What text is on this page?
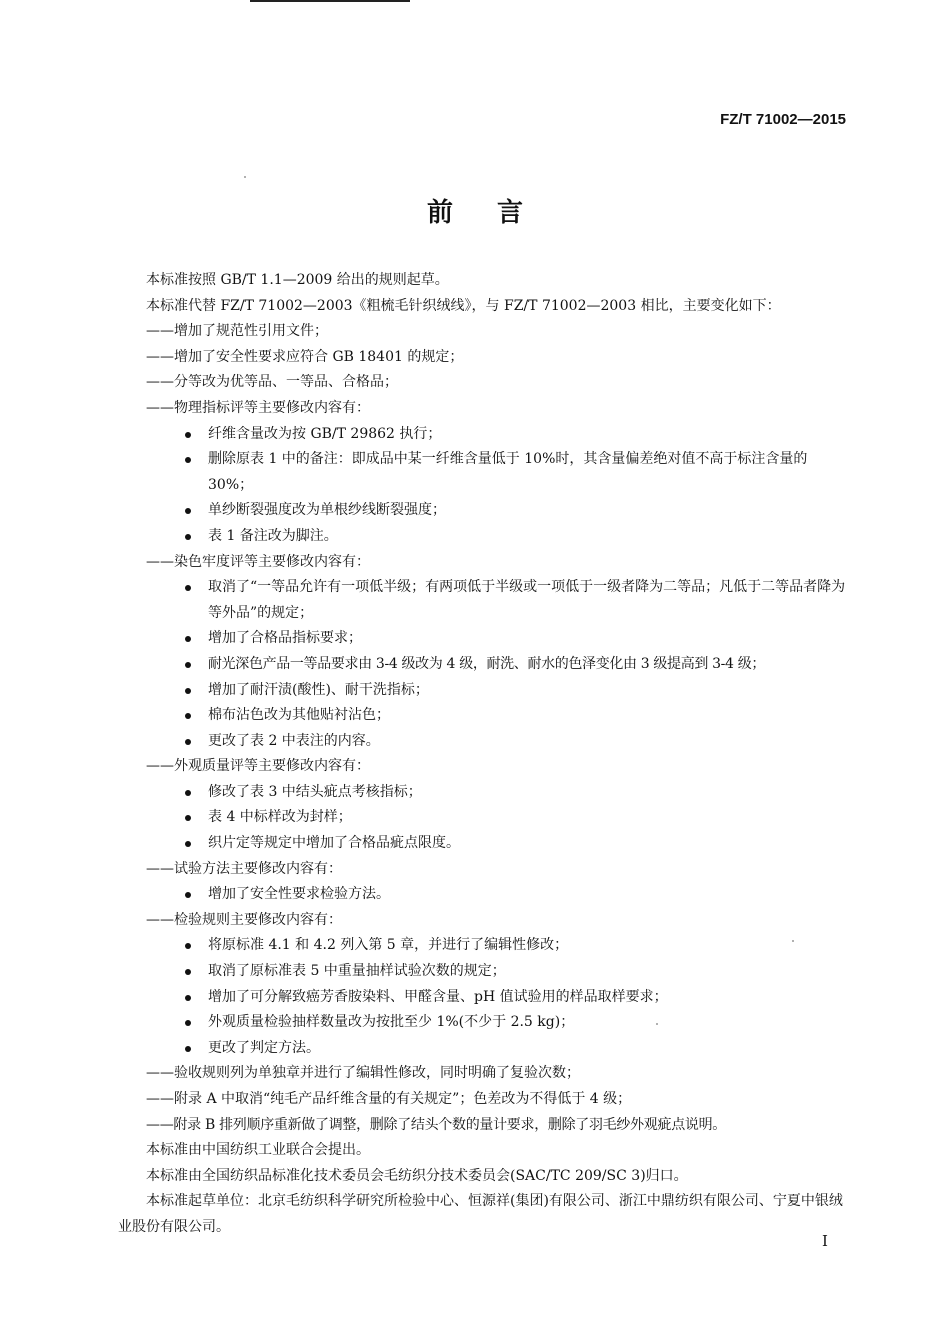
FZ/T 71002—2015
前言
本标准按照 GB/T 1.1—2009 给出的规则起草。
本标准代替 FZ/T 71002—2003《粗梳毛针织绒线》，与 FZ/T 71002—2003 相比，主要变化如下：
—— 增加了规范性引用文件；
—— 增加了安全性要求应符合 GB 18401 的规定；
—— 分等改为优等品、一等品、合格品；
—— 物理指标评等主要修改内容有：
纤维含量改为按 GB/T 29862 执行；
删除原表 1 中的备注：即成品中某一纤维含量低于 10%时，其含量偏差绝对值不高于标注含量的 30%；
单纱断裂强度改为单根纱线断裂强度；
表 1 备注改为脚注。
—— 染色牢度评等主要修改内容有：
取消了“一等品允许有一项低半级；有两项低于半级或一项低于一级者降为二等品；凡低于二等品者降为等外品”的规定；
增加了合格品指标要求；
耐光深色产品一等品要求由 3-4 级改为 4 级，耐洗、耐水的色泽变化由 3 级提高到 3-4 级；
增加了耐汗渍(酸性)、耐干洗指标；
棉布沾色改为其他贴衬沾色；
更改了表 2 中表注的内容。
—— 外观质量评等主要修改内容有：
修改了表 3 中结头疵点考核指标；
表 4 中标样改为封样；
织片定等规定中增加了合格品疵点限度。
—— 试验方法主要修改内容有：
增加了安全性要求检验方法。
—— 检验规则主要修改内容有：
将原标准 4.1 和 4.2 列入第 5 章，并进行了编辑性修改；
取消了原标准表 5 中重量抽样试验次数的规定；
增加了可分解致癌芳香胺染料、甲醛含量、pH 值试验用的样品取样要求；
外观质量检验抽样数量改为按批至少 1%(不少于 2.5 kg)；
更改了判定方法。
—— 验收规则列为单独章并进行了编辑性修改，同时明确了复验次数；
—— 附录 A 中取消“纯毛产品纤维含量的有关规定”；色差改为不得低于 4 级；
—— 附录 B 排列顺序重新做了调整，删除了结头个数的量计要求，删除了羽毛纱外观疵点说明。
本标准由中国纺织工业联合会提出。
本标准由全国纺织品标准化技术委员会毛纺织分技术委员会(SAC/TC 209/SC 3)归口。
本标准起草单位：北京毛纺织科学研究所检验中心、恒源祥(集团)有限公司、浙江中鼎纺织有限公司、宁夏中银绒业股份有限公司。
I
